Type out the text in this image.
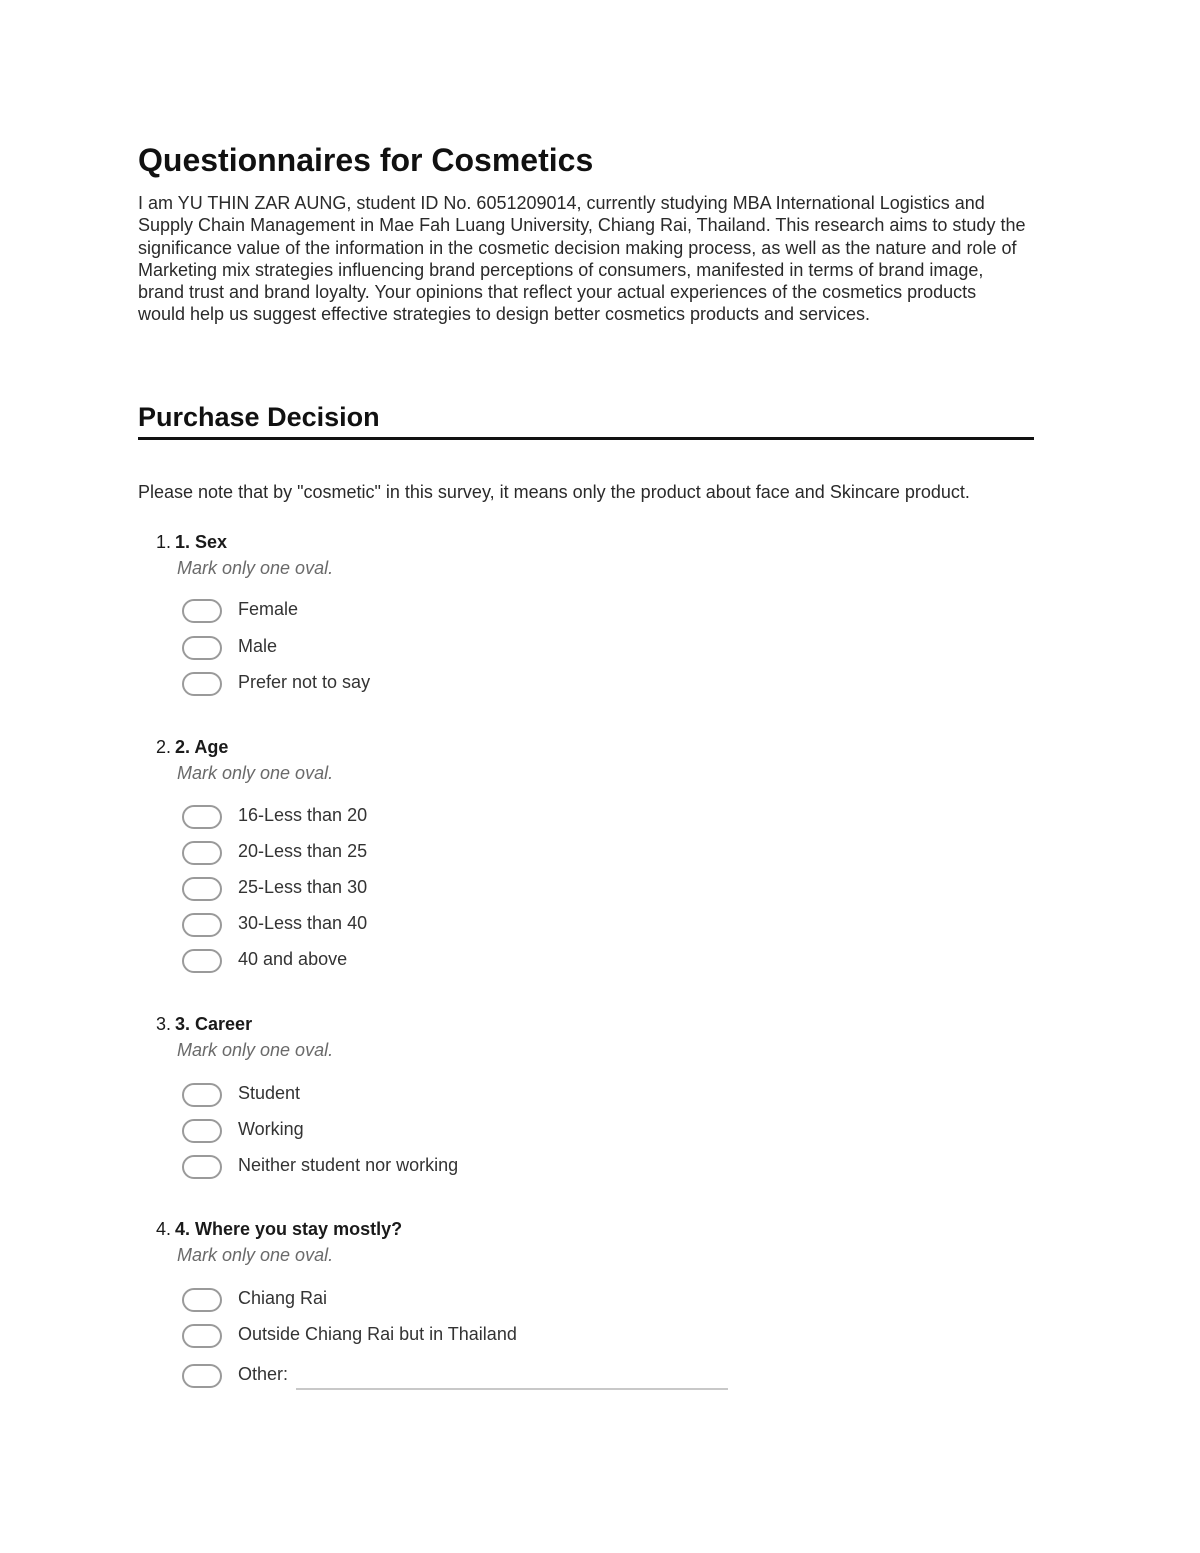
Questionnaires for Cosmetics

I am YU THIN ZAR AUNG, student ID No. 6051209014, currently studying MBA International Logistics and Supply Chain Management in Mae Fah Luang University, Chiang Rai, Thailand. This research aims to study the significance value of the information in the cosmetic decision making process, as well as the nature and role of Marketing mix strategies influencing brand perceptions of consumers, manifested in terms of brand image, brand trust and brand loyalty. Your opinions that reflect your actual experiences of the cosmetics products would help us suggest effective strategies to design better cosmetics products and services.

Purchase Decision

Please note that by "cosmetic" in this survey, it means only the product about face and Skincare product.

1. 1. Sex
Mark only one oval.
Female
Male
Prefer not to say
2. 2. Age
Mark only one oval.
16-Less than 20
20-Less than 25
25-Less than 30
30-Less than 40
40 and above
3. 3. Career
Mark only one oval.
Student
Working
Neither student nor working
4. 4. Where you stay mostly?
Mark only one oval.
Chiang Rai
Outside Chiang Rai but in Thailand
Other:
